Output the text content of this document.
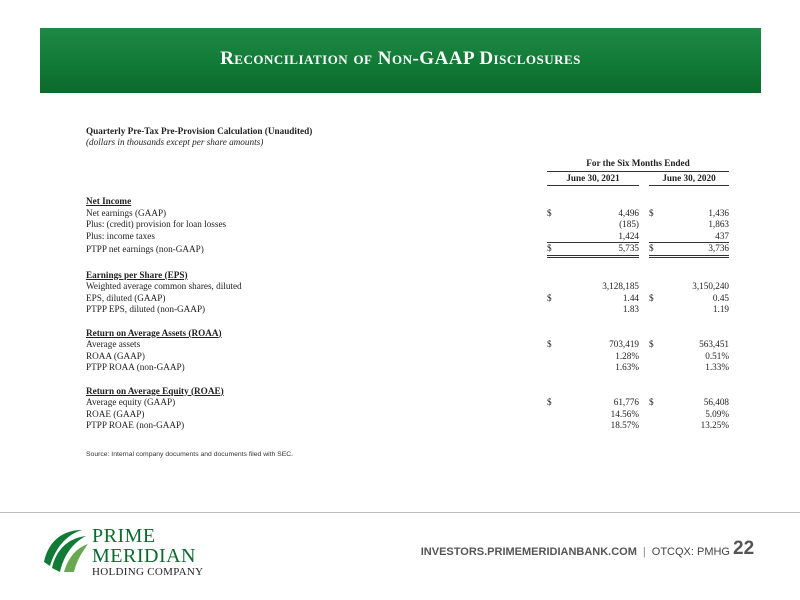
Reconciliation of Non-GAAP Disclosures
Quarterly Pre-Tax Pre-Provision Calculation (Unaudited)
(dollars in thousands except per share amounts)
For the Six Months Ended
June 30, 2021	June 30, 2020

Net Income					
Net earnings (GAAP)	$	4,496		$	1,436
Plus: (credit) provision for loan losses		(185)			1,863
Plus: income taxes		1,424			437
PTPP net earnings (non-GAAP)	$	5,735		$	3,736

Earnings per Share (EPS)					
Weighted average common shares, diluted		3,128,185			3,150,240
EPS, diluted (GAAP)	$	1.44		$	0.45
PTPP EPS, diluted (non-GAAP)		1.83			1.19

Return on Average Assets (ROAA)					
Average assets	$	703,419		$	563,451
ROAA (GAAP)		1.28%			0.51%
PTPP ROAA (non-GAAP)		1.63%			1.33%

Return on Average Equity (ROAE)					
Average equity (GAAP)	$	61,776		$	56,408
ROAE (GAAP)		14.56%			5.09%
PTPP ROAE (non-GAAP)		18.57%			13.25%
Source: Internal company documents and documents filed with SEC.
PRIME
MERIDIAN
HOLDING COMPANY
INVESTORS.PRIMEMERIDIANBANK.COM | OTCQX: PMHG 22
